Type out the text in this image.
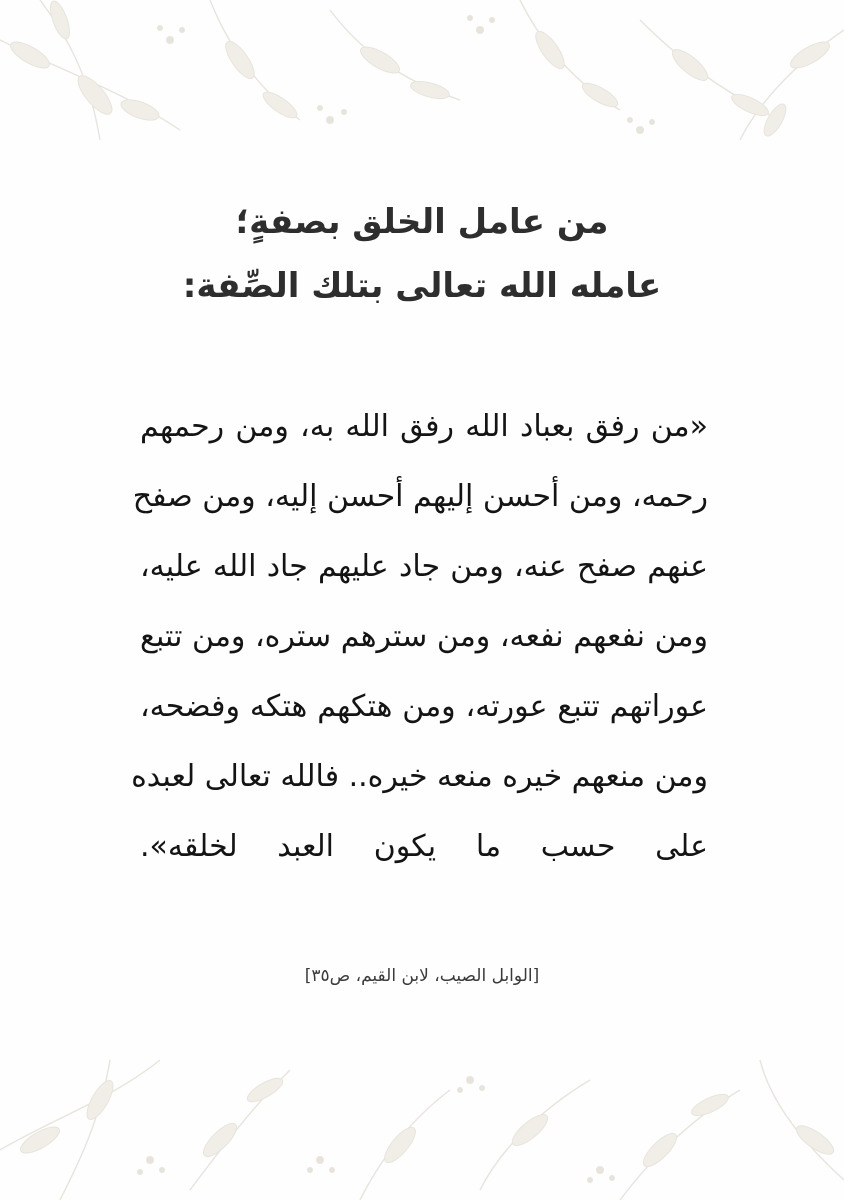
من عامل الخلق بصفةٍ؛
عامله الله تعالى بتلك الصِّفة:
«من رفق بعباد الله رفق الله به، ومن رحمهم
رحمه، ومن أحسن إليهم أحسن إليه، ومن صفح
عنهم صفح عنه، ومن جاد عليهم جاد الله عليه،
ومن نفعهم نفعه، ومن سترهم ستره، ومن تتبع
عوراتهم تتبع عورته، ومن هتكهم هتكه وفضحه،
ومن منعهم خيره منعه خيره.. فالله تعالى لعبده
على حسب ما يكون العبد لخلقه».
[الوابل الصيب، لابن القيم، ص٣٥]
